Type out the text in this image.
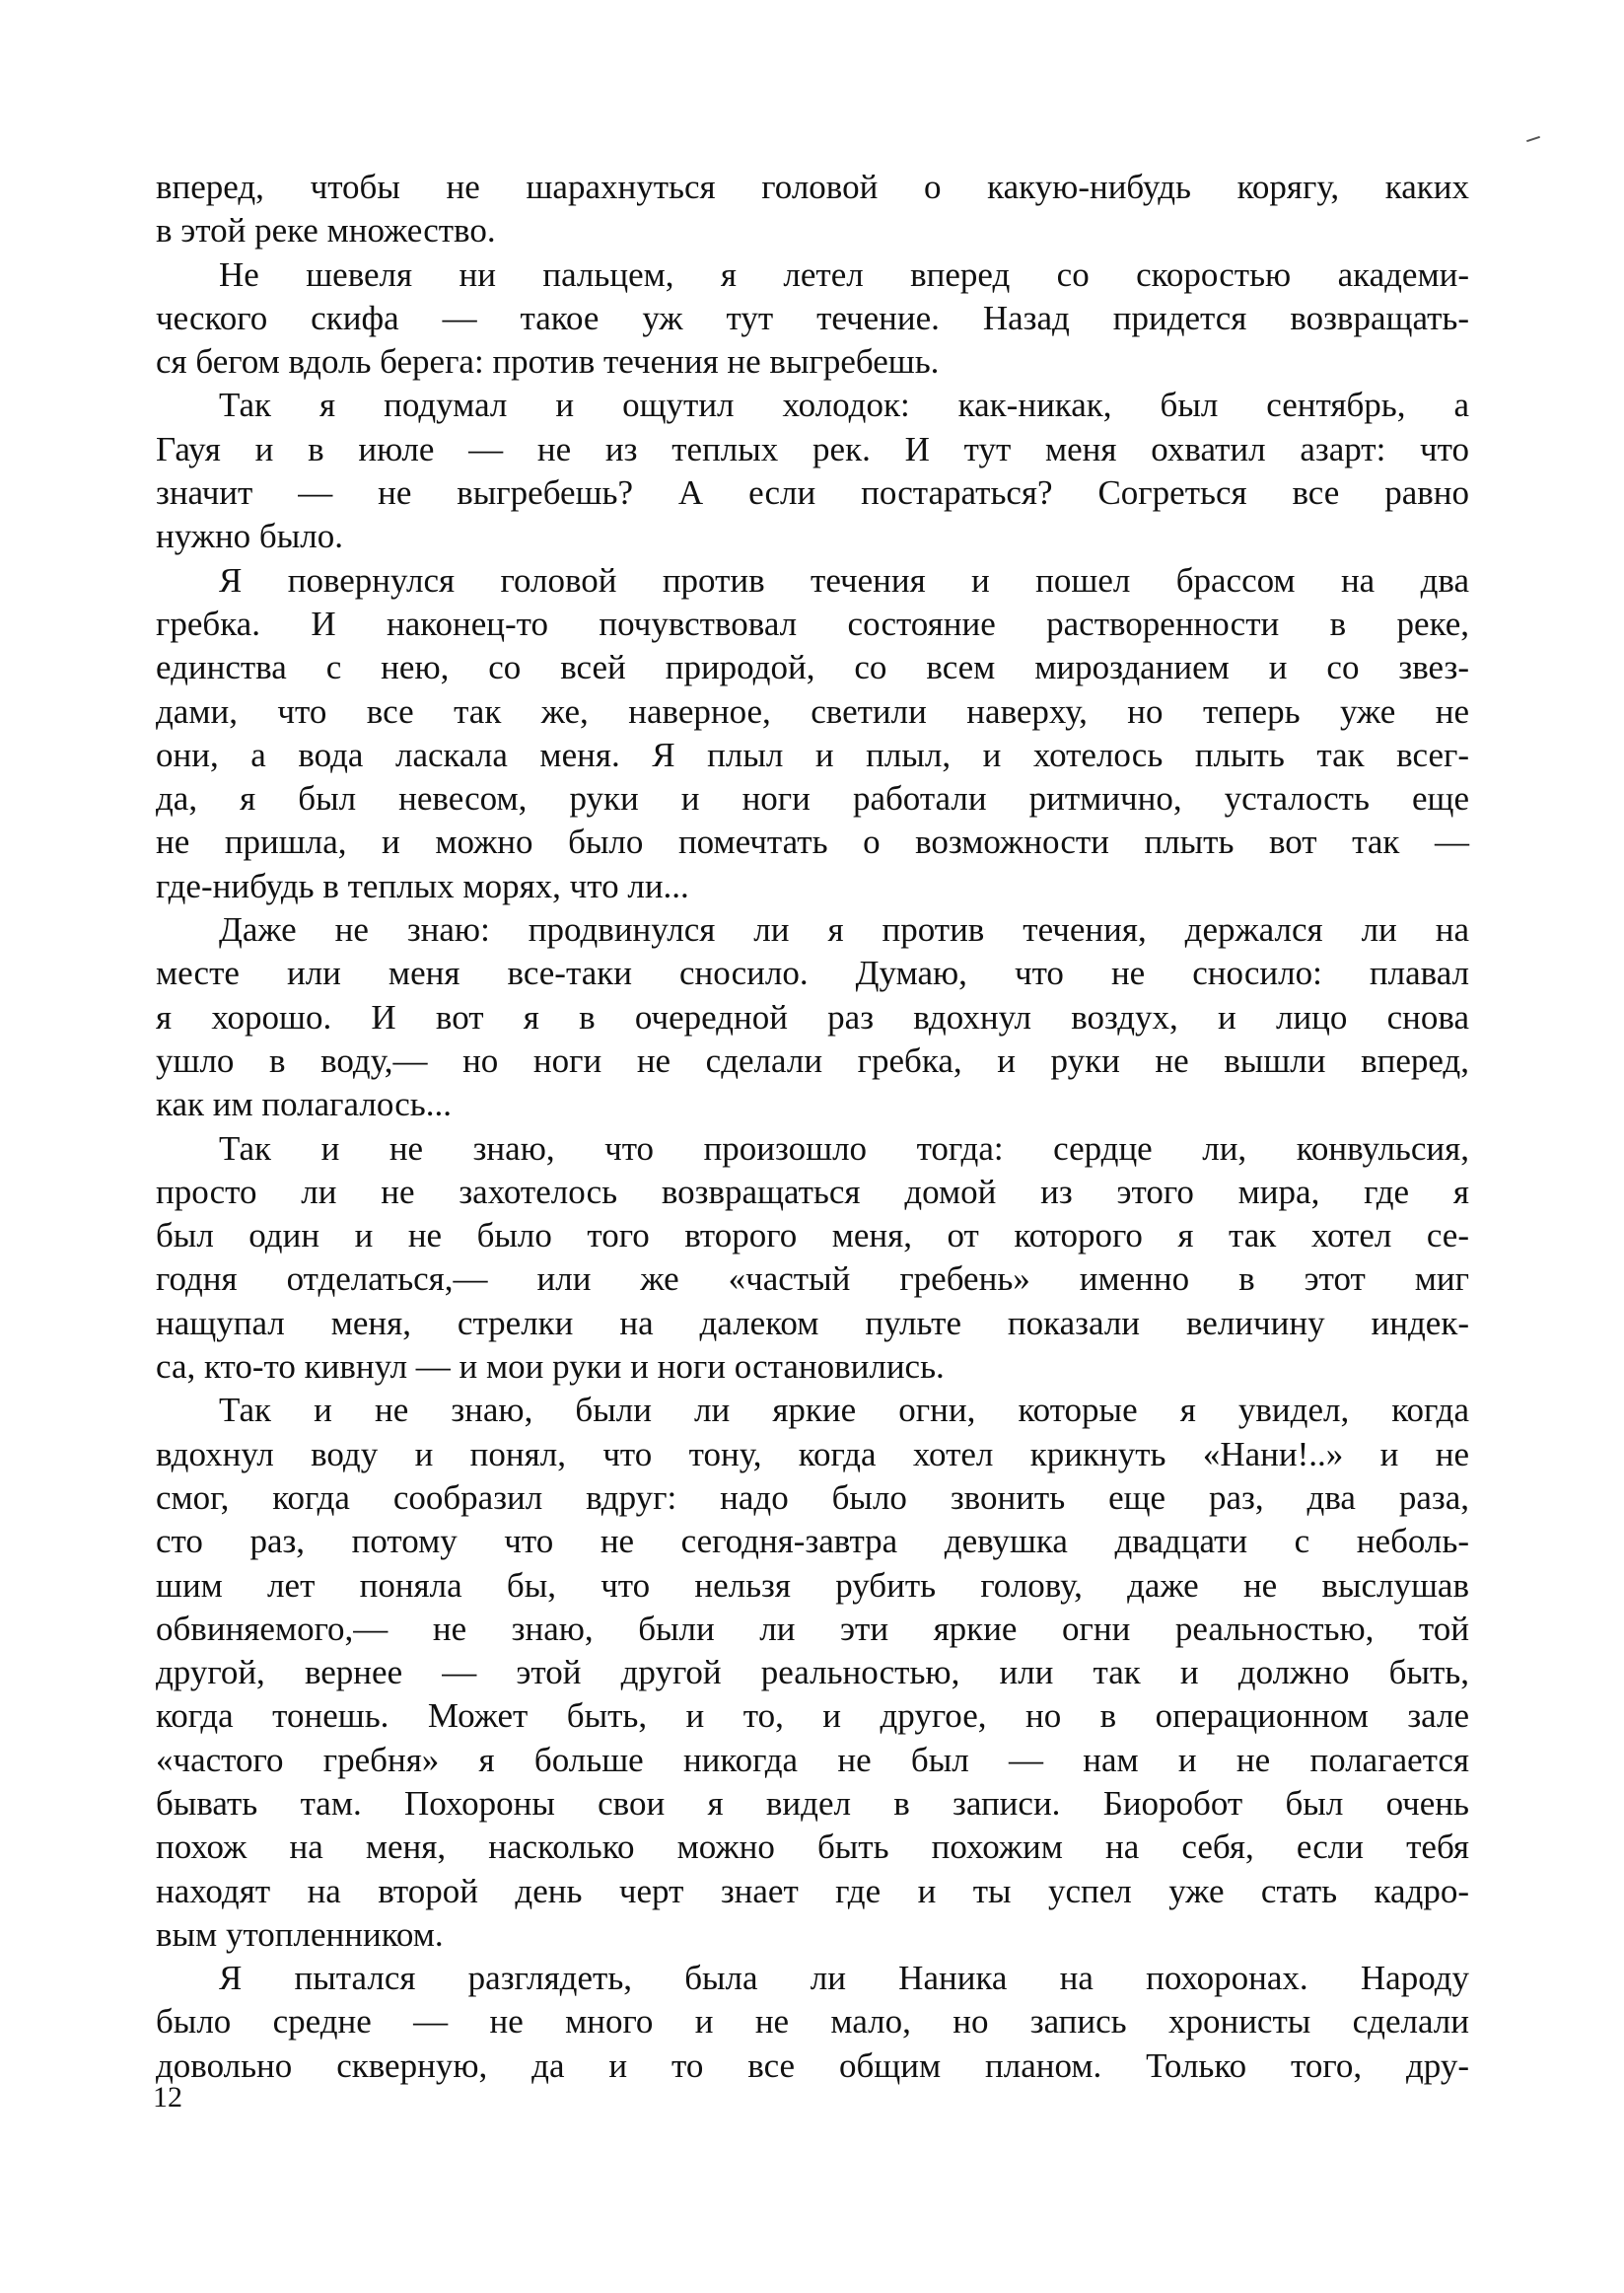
вперед, чтобы не шарахнуться головой о какую-нибудь корягу, каких
в этой реке множество.
Не шевеля ни пальцем, я летел вперед со скоростью академи-
ческого скифа — такое уж тут течение. Назад придется возвращать-
ся бегом вдоль берега: против течения не выгребешь.
Так я подумал и ощутил холодок: как-никак, был сентябрь, а
Гауя и в июле — не из теплых рек. И тут меня охватил азарт: что
значит — не выгребешь? А если постараться? Согреться все равно
нужно было.
Я повернулся головой против течения и пошел брассом на два
гребка. И наконец-то почувствовал состояние растворенности в реке,
единства с нею, со всей природой, со всем мирозданием и со звез-
дами, что все так же, наверное, светили наверху, но теперь уже не
они, а вода ласкала меня. Я плыл и плыл, и хотелось плыть так всег-
да, я был невесом, руки и ноги работали ритмично, усталость еще
не пришла, и можно было помечтать о возможности плыть вот так —
где-нибудь в теплых морях, что ли...
Даже не знаю: продвинулся ли я против течения, держался ли на
месте или меня все-таки сносило. Думаю, что не сносило: плавал
я хорошо. И вот я в очередной раз вдохнул воздух, и лицо снова
ушло в воду,— но ноги не сделали гребка, и руки не вышли вперед,
как им полагалось...
Так и не знаю, что произошло тогда: сердце ли, конвульсия,
просто ли не захотелось возвращаться домой из этого мира, где я
был один и не было того второго меня, от которого я так хотел се-
годня отделаться,— или же «частый гребень» именно в этот миг
нащупал меня, стрелки на далеком пульте показали величину индек-
са, кто-то кивнул — и мои руки и ноги остановились.
Так и не знаю, были ли яркие огни, которые я увидел, когда
вдохнул воду и понял, что тону, когда хотел крикнуть «Нани!..» и не
смог, когда сообразил вдруг: надо было звонить еще раз, два раза,
сто раз, потому что не сегодня-завтра девушка двадцати с неболь-
шим лет поняла бы, что нельзя рубить голову, даже не выслушав
обвиняемого,— не знаю, были ли эти яркие огни реальностью, той
другой, вернее — этой другой реальностью, или так и должно быть,
когда тонешь. Может быть, и то, и другое, но в операционном зале
«частого гребня» я больше никогда не был — нам и не полагается
бывать там. Похороны свои я видел в записи. Биоробот был очень
похож на меня, насколько можно быть похожим на себя, если тебя
находят на второй день черт знает где и ты успел уже стать кадро-
вым утопленником.
Я пытался разглядеть, была ли Наника на похоронах. Народу
было средне — не много и не мало, но запись хронисты сделали
довольно скверную, да и то все общим планом. Только того, дру-
12
